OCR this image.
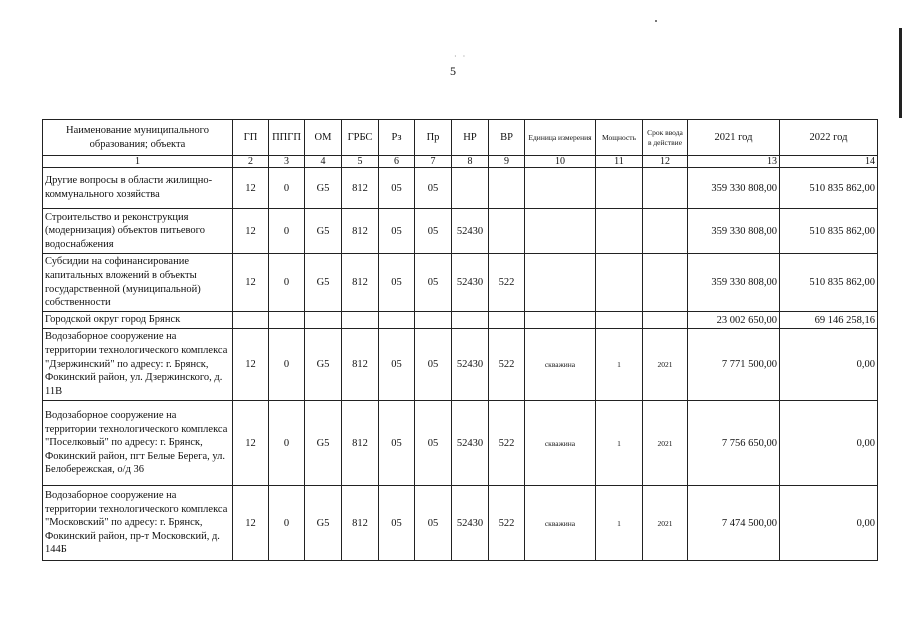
· ·
5
Наименование муниципального образования; объекта	ГП	ППГП	ОМ	ГРБС	Рз	Пр	НР	ВР	Единица измерения	Мощность	Срок ввода в действие	2021 год	2022 год
1	2	3	4	5	6	7	8	9	10	11	12	13	14
Другие вопросы в области жилищно-коммунального хозяйства	12	0	G5	812	05	05						359 330 808,00	510 835 862,00
Строительство и реконструкция (модернизация) объектов питьевого водоснабжения	12	0	G5	812	05	05	52430					359 330 808,00	510 835 862,00
Субсидии на софинансирование капитальных вложений в объекты государственной (муниципальной) собственности	12	0	G5	812	05	05	52430	522				359 330 808,00	510 835 862,00
Городской округ город Брянск												23 002 650,00	69 146 258,16
Водозаборное сооружение на территории технологического комплекса "Дзержинский" по адресу: г. Брянск, Фокинский район, ул. Дзержинского, д. 11В	12	0	G5	812	05	05	52430	522	скважина	1	2021	7 771 500,00	0,00
Водозаборное сооружение на территории технологического комплекса "Поселковый" по адресу: г. Брянск, Фокинский район, пгт Белые Берега, ул. Белобережская, о/д 36	12	0	G5	812	05	05	52430	522	скважина	1	2021	7 756 650,00	0,00
Водозаборное сооружение на территории технологического комплекса "Московский" по адресу: г. Брянск, Фокинский район, пр-т Московский, д. 144Б	12	0	G5	812	05	05	52430	522	скважина	1	2021	7 474 500,00	0,00
